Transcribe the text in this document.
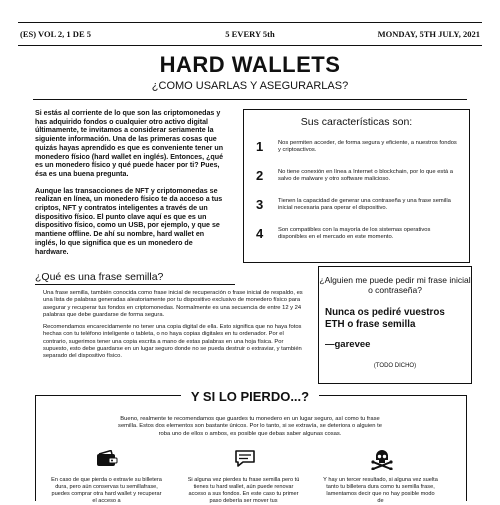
(ES) VOL 2, 1 DE 5	5 EVERY 5th	MONDAY, 5TH JULY, 2021
HARD WALLETS
¿COMO USARLAS Y ASEGURARLAS?

Si estás al corriente de lo que son las criptomonedas y has adquirido fondos o cualquier otro activo digital últimamente, te invitamos a considerar seriamente la siguiente información. Una de las primeras cosas que quizás hayas aprendido es que es conveniente tener un monedero físico (hard wallet en inglés). Entonces, ¿qué es un monedero físico y qué puede hacer por ti? Pues, ésa es una buena pregunta.

Aunque las transacciones de NFT y criptomonedas se realizan en línea, un monedero físico te da acceso a tus criptos, NFT y contratos inteligentes a través de un dispositivo físico. El punto clave aquí es que es un dispositivo físico, como un USB, por ejemplo, y que se mantiene offline. De ahí su nombre, hard wallet en inglés, lo que significa que es un monedero de hardware.

Sus características son:
1	Nos permiten acceder, de forma segura y eficiente, a nuestros fondos y criptoactivos.
2	No tiene conexión en línea a Internet o blockchain, por lo que está a salvo de malware y otro software malicioso.
3	Tienen la capacidad de generar una contraseña y una frase semilla inicial necesaria para operar el dispositivo.
4	Son compatibles con la mayoría de los sistemas operativos disponibles en el mercado en este momento.
¿Qué es una frase semilla?

Una frase semilla, también conocida como frase inicial de recuperación o frase inicial de respaldo, es una lista de palabras generadas aleatoriamente por tu dispositivo exclusivo de monedero físico para asegurar y recuperar tus fondos en criptomonedas. Normalmente es una secuencia de entre 12 y 24 palabras que debe guardarse de forma segura.

Recomendamos encarecidamente no tener una copia digital de ella. Esto significa que no haya fotos hechas con tu teléfono inteligente o tableta, o no haya copias digitales en tu ordenador. Por el contrario, sugerimos tener una copia escrita a mano de estas palabras en una hoja física. Por supuesto, esto debe guardarse en un lugar seguro donde no se pueda destruir o extraviar, y también separado del dispositivo físico.

¿Alguien me puede pedir mi frase inicial o contraseña?
Nunca os pediré vuestros ETH o frase semilla
—garevee
(TODO DICHO)
Y SI LO PIERDO...?
Bueno, realmente te recomendamos que guardes tu monedero en un lugar seguro, así como tu frase semilla. Estos dos elementos son bastante únicos. Por lo tanto, si se extravía, se deteriora o alguien te roba uno de ellos o ambos, es posible que debas saber algunas cosas.
En caso de que pierda o extravíe su billetera dura, pero aún conservas tu semillafrase, puedes comprar otra hard wallet y recuperar el acceso a
Si alguna vez pierdes tu frase semilla pero tú tienes tu hard wallet, aún puede renovar acceso a sus fondos. En este caso tu primer paso debería ser mover tus
Y hay un tercer resultado, si alguna vez suelta tanto tu billetera dura como tu semilla frase, lamentamos decir que no hay posible modo de
